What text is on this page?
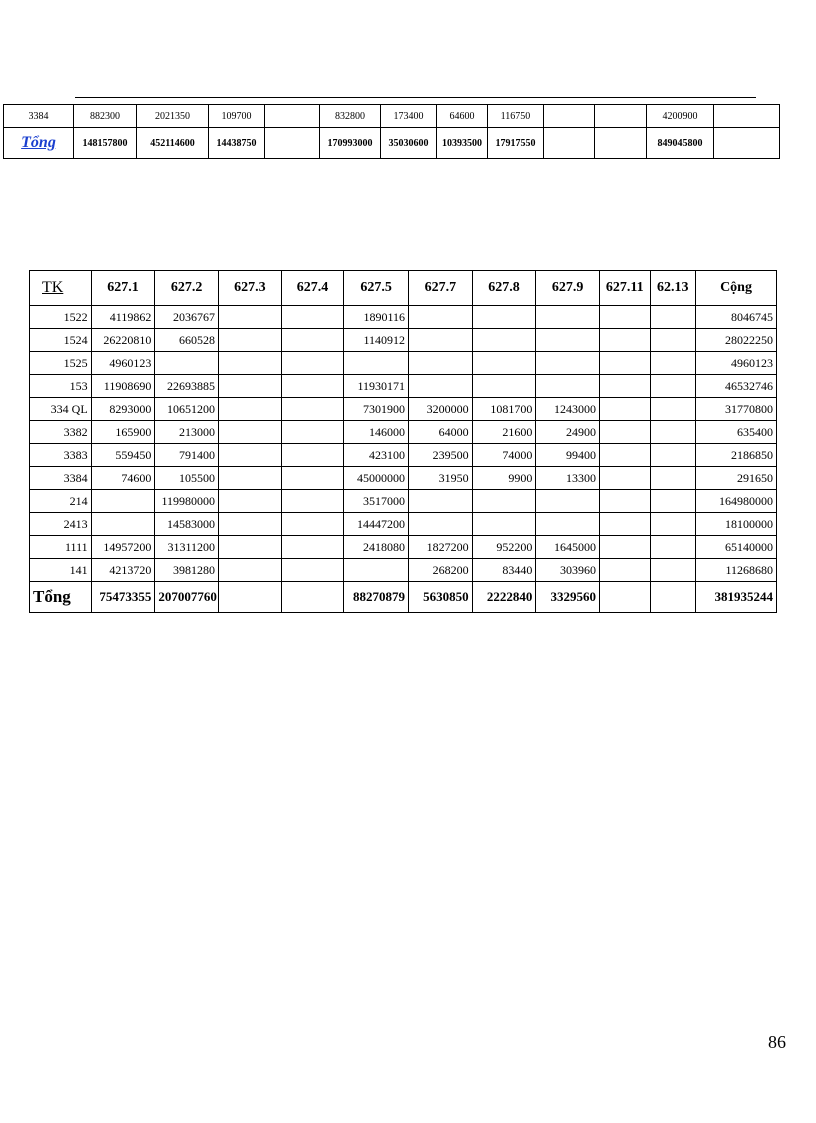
3384	882300	2021350	109700		832800	173400	64600	116750			4200900	
Tổng	148157800	452114600	14438750		170993000	35030600	10393500	17917550			849045800	
TK	627.1	627.2	627.3	627.4	627.5	627.7	627.8	627.9	627.11	62.13	Cộng
1522	4119862	2036767			1890116						8046745
1524	26220810	660528			1140912						28022250
1525	4960123										4960123
153	11908690	22693885			11930171						46532746
334 QL	8293000	10651200			7301900	3200000	1081700	1243000			31770800
3382	165900	213000			146000	64000	21600	24900			635400
3383	559450	791400			423100	239500	74000	99400			2186850
3384	74600	105500			45000000	31950	9900	13300			291650
214		119980000			3517000						164980000
2413		14583000			14447200						18100000
1111	14957200	31311200			2418080	1827200	952200	1645000			65140000
141	4213720	3981280				268200	83440	303960			11268680
Tổng	75473355	207007760			88270879	5630850	2222840	3329560			381935244
86
